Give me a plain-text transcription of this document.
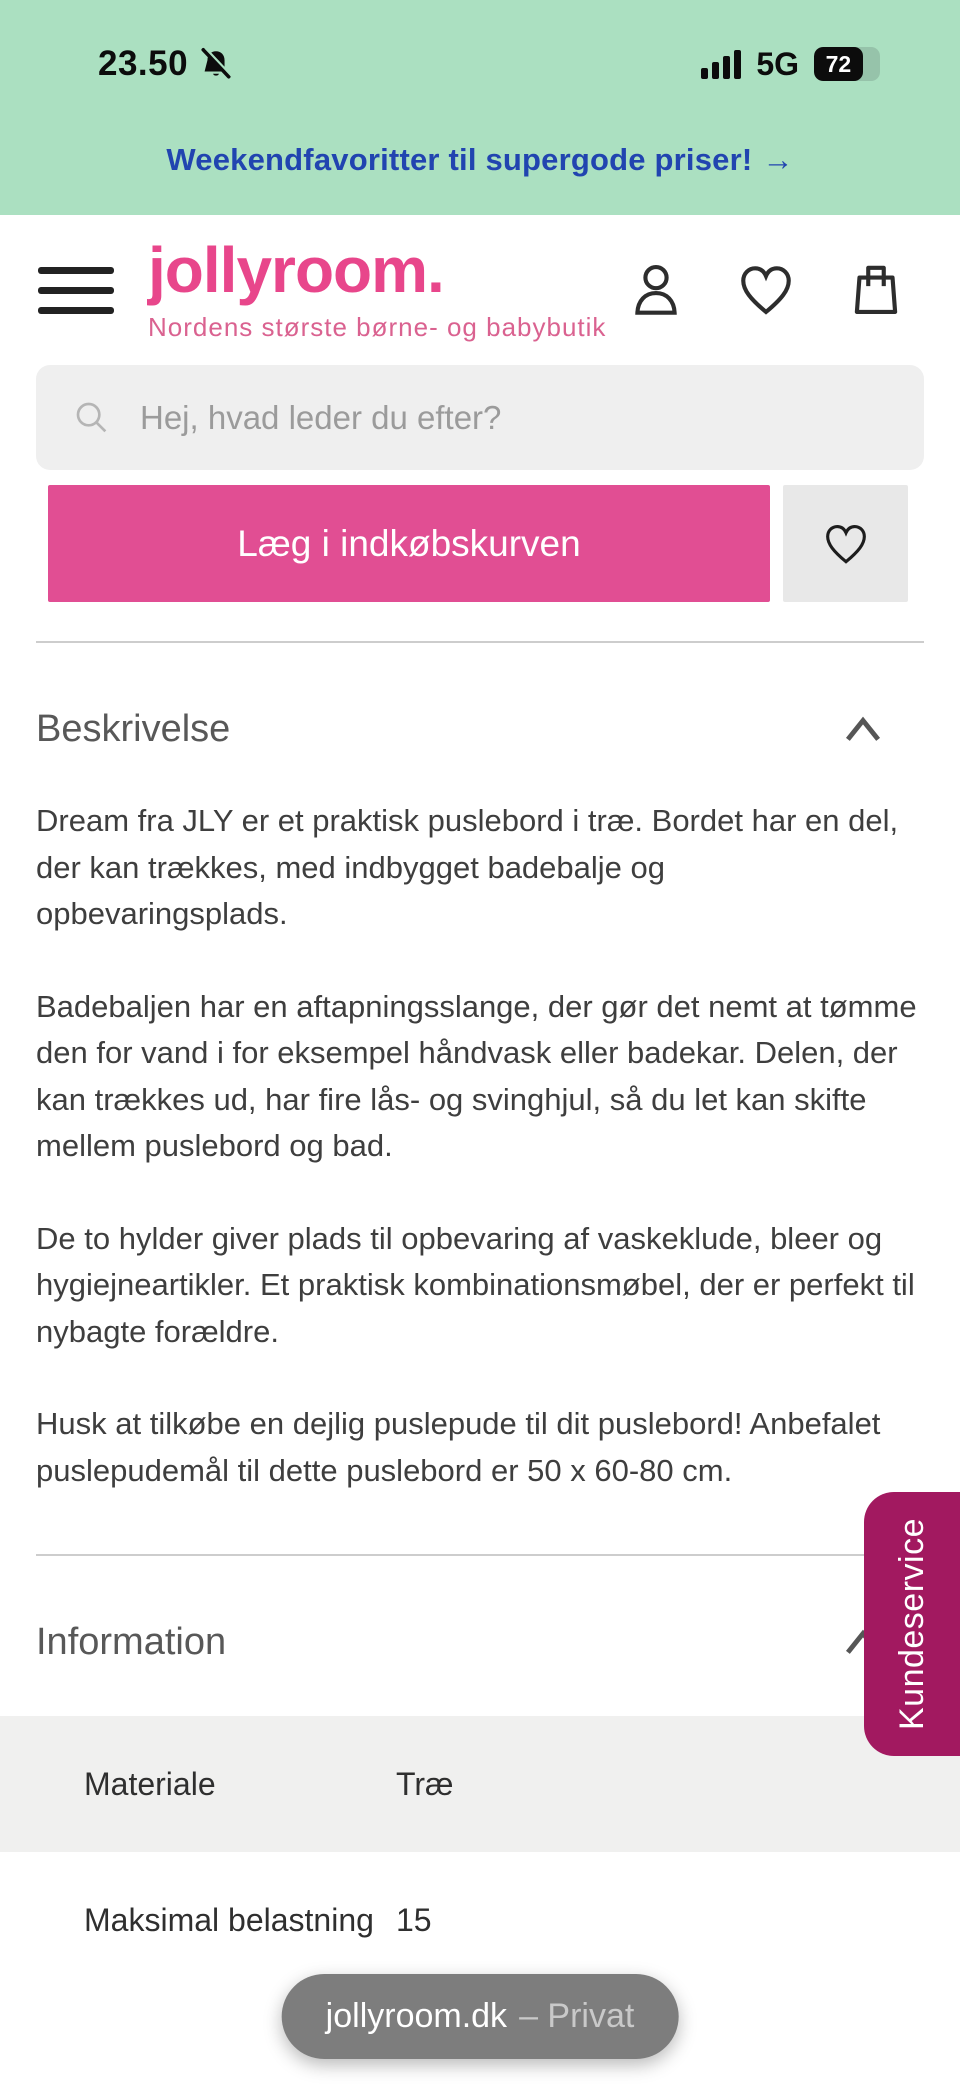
23.50	5G	72
Weekendfavoritter til supergode priser! →
jollyroom.
Nordens største børne- og babybutik
Hej, hvad leder du efter?
Læg i indkøbskurven
Beskrivelse

Dream fra JLY er et praktisk puslebord i træ. Bordet har en del, der kan trækkes, med indbygget badebalje og opbevaringsplads.

Badebaljen har en aftapningsslange, der gør det nemt at tømme den for vand i for eksempel håndvask eller badekar. Delen, der kan trækkes ud, har fire lås- og svinghjul, så du let kan skifte mellem puslebord og bad.

De to hylder giver plads til opbevaring af vaskeklude, bleer og hygiejneartikler. Et praktisk kombinationsmøbel, der er perfekt til nybagte forældre.

Husk at tilkøbe en dejlig puslepude til dit puslebord! Anbefalet puslepudemål til dette puslebord er 50 x 60-80 cm.

Information
Materiale	Træ
Maksimal belastning 15
Kundeservice
jollyroom.dk – Privat
